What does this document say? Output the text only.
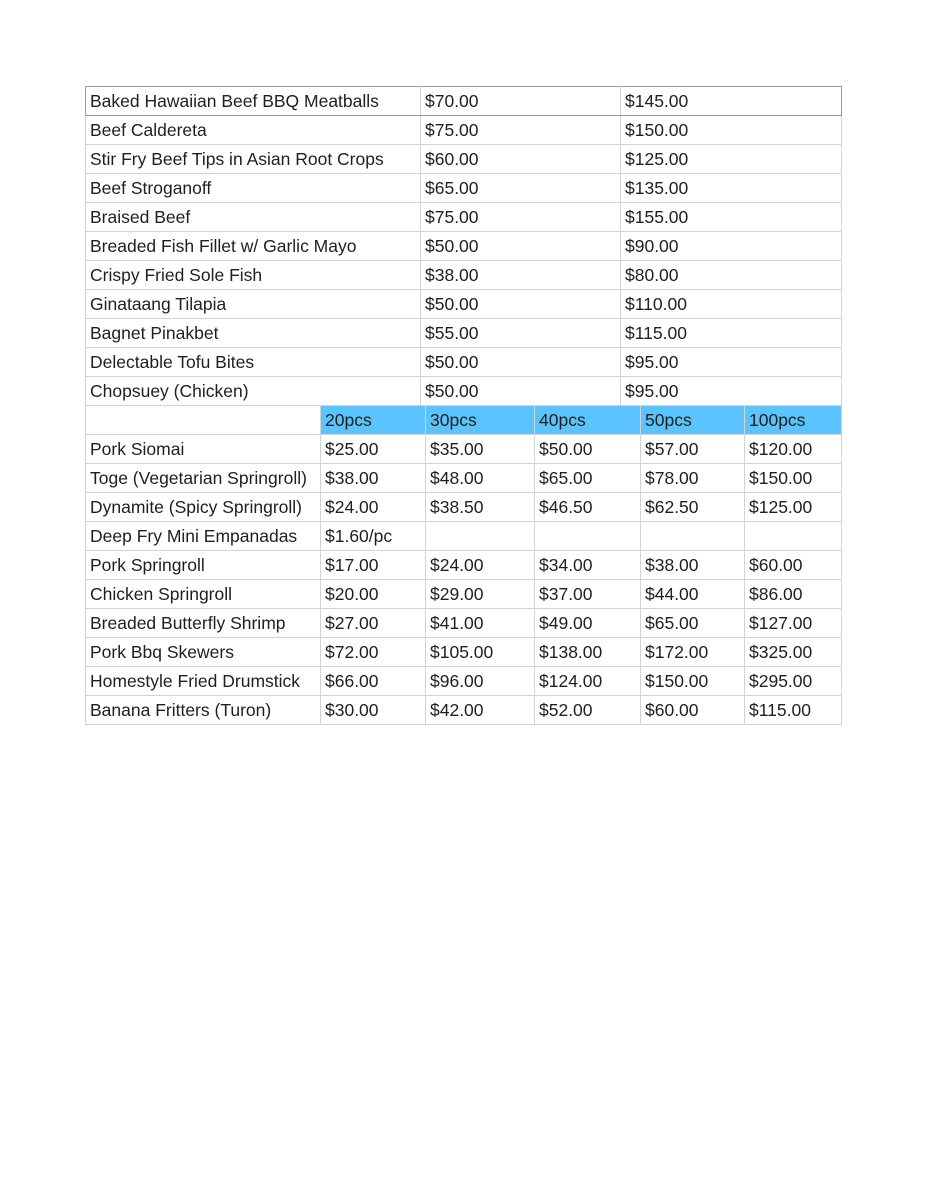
Baked Hawaiian Beef BBQ Meatballs	$70.00	$145.00
Beef Caldereta	$75.00	$150.00
Stir Fry Beef Tips in Asian Root Crops	$60.00	$125.00
Beef Stroganoff	$65.00	$135.00
Braised Beef	$75.00	$155.00
Breaded Fish Fillet w/ Garlic Mayo	$50.00	$90.00
Crispy Fried Sole Fish	$38.00	$80.00
Ginataang Tilapia	$50.00	$110.00
Bagnet Pinakbet	$55.00	$115.00
Delectable Tofu Bites	$50.00	$95.00
Chopsuey (Chicken)	$50.00	$95.00
	20pcs	30pcs	40pcs	50pcs	100pcs
Pork Siomai	$25.00	$35.00	$50.00	$57.00	$120.00
Toge (Vegetarian Springroll)	$38.00	$48.00	$65.00	$78.00	$150.00
Dynamite (Spicy Springroll)	$24.00	$38.50	$46.50	$62.50	$125.00
Deep Fry Mini Empanadas	$1.60/pc				
Pork Springroll	$17.00	$24.00	$34.00	$38.00	$60.00
Chicken Springroll	$20.00	$29.00	$37.00	$44.00	$86.00
Breaded Butterfly Shrimp	$27.00	$41.00	$49.00	$65.00	$127.00
Pork Bbq Skewers	$72.00	$105.00	$138.00	$172.00	$325.00
Homestyle Fried Drumstick	$66.00	$96.00	$124.00	$150.00	$295.00
Banana Fritters (Turon)	$30.00	$42.00	$52.00	$60.00	$115.00
